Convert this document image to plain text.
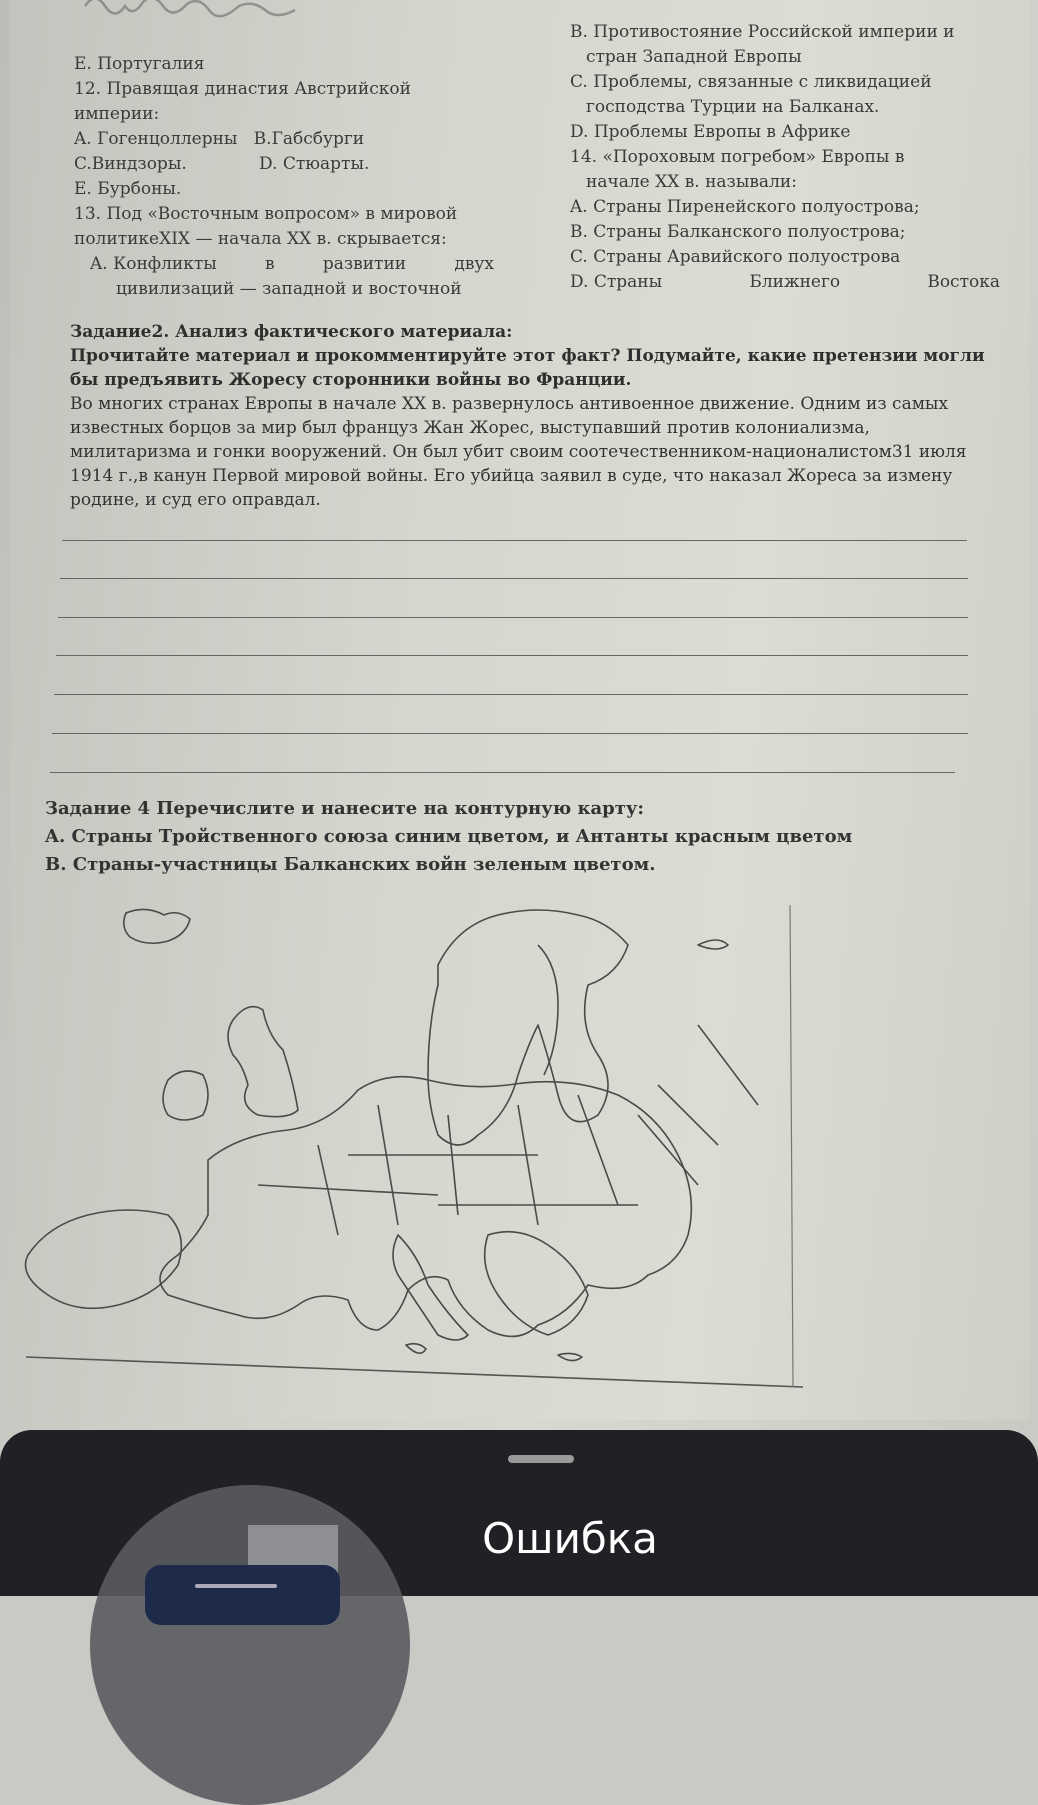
E. Португалия
12. Правящая династия Австрийской
империи:
A. Гогенцоллерны B.Габсбурги
C.Виндзоры.	D. Стюарты.
E. Бурбоны.
13. Под «Восточным вопросом» в мировой
политикеXIX — начала XX в. скрывается:
A. Конфликты	в	развитии	двух
цивилизаций — западной и восточной
B. Противостояние Российской империи и
стран Западной Европы
C. Проблемы, связанные с ликвидацией
господства Турции на Балканах.
D. Проблемы Европы в Африке
14. «Пороховым погребом» Европы в
начале XX в. называли:
A. Страны Пиренейского полуострова;
B. Страны Балканского полуострова;
C. Страны Аравийского полуострова
D. Страны	Ближнего	Востока
Задание2. Анализ фактического материала:
Прочитайте материал и прокомментируйте этот факт? Подумайте, какие претензии могли бы предъявить Жоресу сторонники войны во Франции.
Во многих странах Европы в начале XX в. развернулось антивоенное движение. Одним из самых известных борцов за мир был француз Жан Жорес, выступавший против колониализма, милитаризма и гонки вооружений. Он был убит своим соотечественником-националистом31 июля 1914 г.,в канун Первой мировой войны. Его убийца заявил в суде, что наказал Жореса за измену родине, и суд его оправдал.
Задание 4 Перечислите и нанесите на контурную карту:
A. Страны Тройственного союза синим цветом, и Антанты красным цветом
B. Страны-участницы Балканских войн зеленым цветом.
Ошибка
